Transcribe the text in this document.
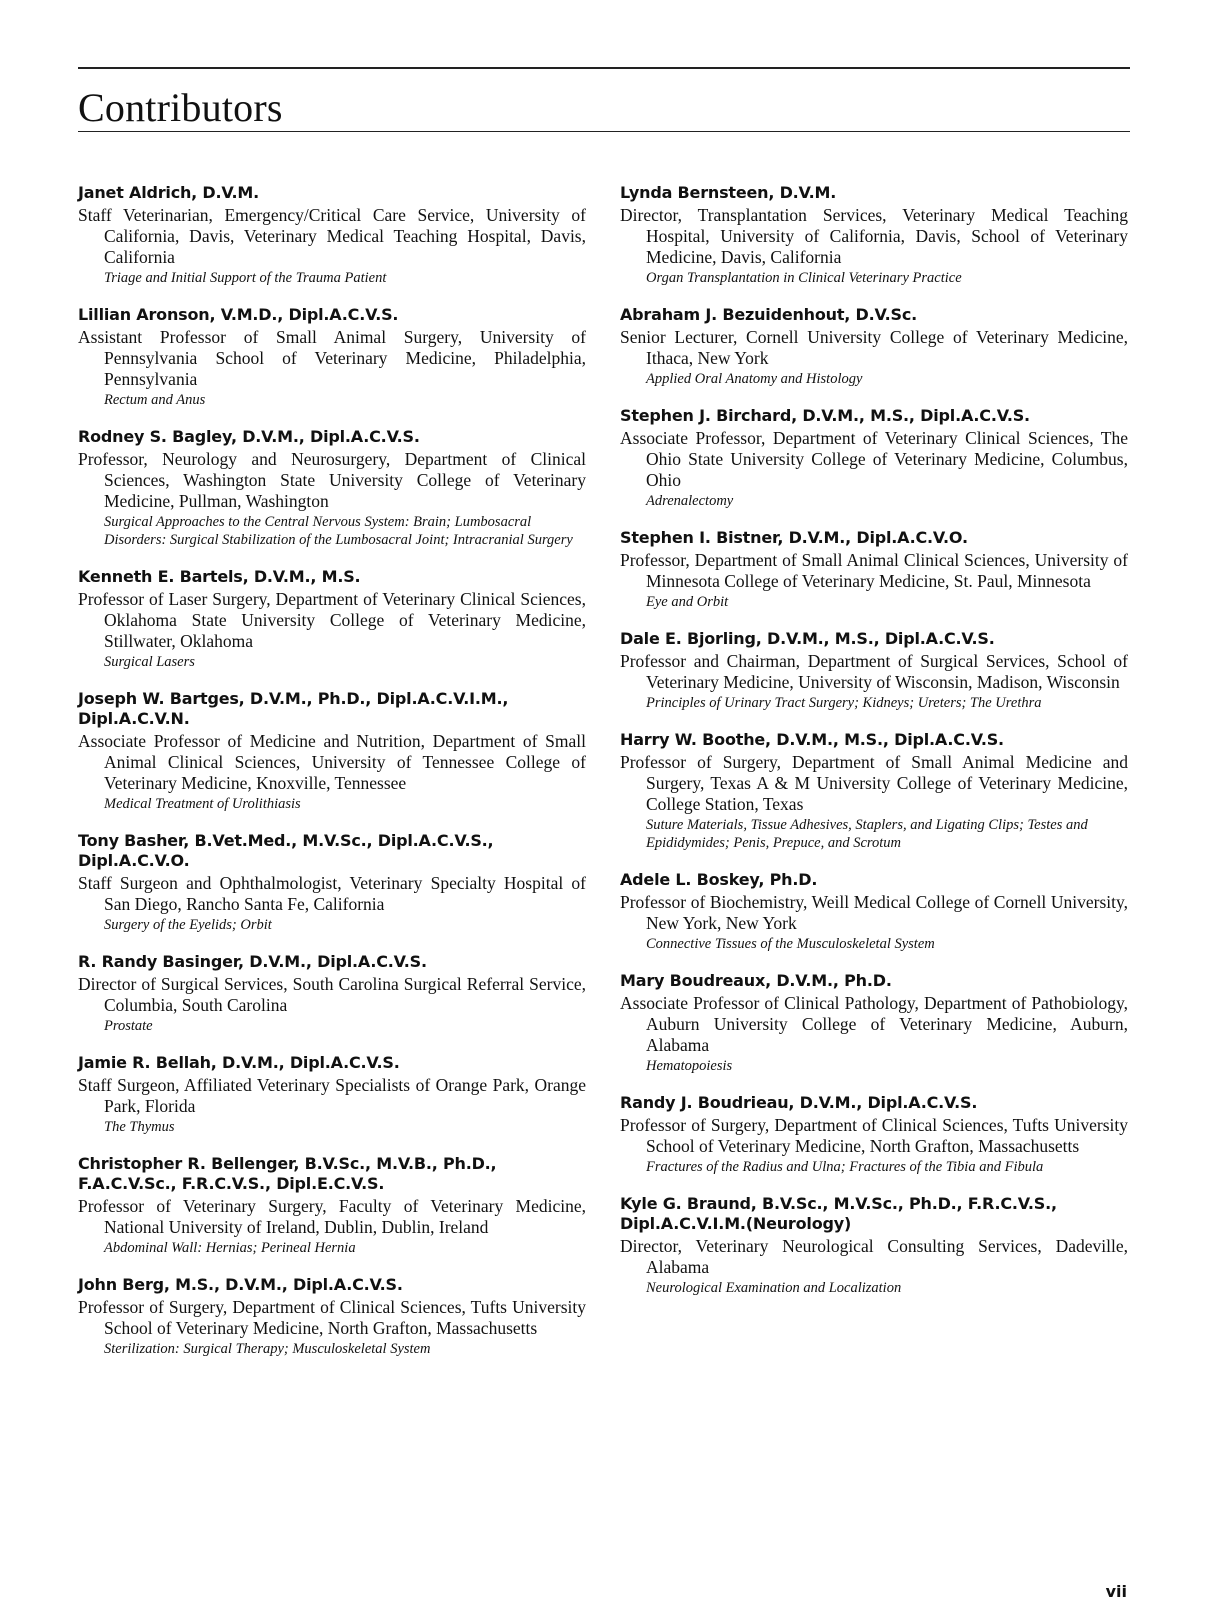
Contributors
Janet Aldrich, D.V.M.
Staff Veterinarian, Emergency/Critical Care Service, University of California, Davis, Veterinary Medical Teaching Hospital, Davis, California
Triage and Initial Support of the Trauma Patient
Lillian Aronson, V.M.D., Dipl.A.C.V.S.
Assistant Professor of Small Animal Surgery, University of Pennsylvania School of Veterinary Medicine, Philadelphia, Pennsylvania
Rectum and Anus
Rodney S. Bagley, D.V.M., Dipl.A.C.V.S.
Professor, Neurology and Neurosurgery, Department of Clinical Sciences, Washington State University College of Veterinary Medicine, Pullman, Washington
Surgical Approaches to the Central Nervous System: Brain; Lumbosacral Disorders: Surgical Stabilization of the Lumbosacral Joint; Intracranial Surgery
Kenneth E. Bartels, D.V.M., M.S.
Professor of Laser Surgery, Department of Veterinary Clinical Sciences, Oklahoma State University College of Veterinary Medicine, Stillwater, Oklahoma
Surgical Lasers
Joseph W. Bartges, D.V.M., Ph.D., Dipl.A.C.V.I.M., Dipl.A.C.V.N.
Associate Professor of Medicine and Nutrition, Department of Small Animal Clinical Sciences, University of Tennessee College of Veterinary Medicine, Knoxville, Tennessee
Medical Treatment of Urolithiasis
Tony Basher, B.Vet.Med., M.V.Sc., Dipl.A.C.V.S., Dipl.A.C.V.O.
Staff Surgeon and Ophthalmologist, Veterinary Specialty Hospital of San Diego, Rancho Santa Fe, California
Surgery of the Eyelids; Orbit
R. Randy Basinger, D.V.M., Dipl.A.C.V.S.
Director of Surgical Services, South Carolina Surgical Referral Service, Columbia, South Carolina
Prostate
Jamie R. Bellah, D.V.M., Dipl.A.C.V.S.
Staff Surgeon, Affiliated Veterinary Specialists of Orange Park, Orange Park, Florida
The Thymus
Christopher R. Bellenger, B.V.Sc., M.V.B., Ph.D., F.A.C.V.Sc., F.R.C.V.S., Dipl.E.C.V.S.
Professor of Veterinary Surgery, Faculty of Veterinary Medicine, National University of Ireland, Dublin, Dublin, Ireland
Abdominal Wall: Hernias; Perineal Hernia
John Berg, M.S., D.V.M., Dipl.A.C.V.S.
Professor of Surgery, Department of Clinical Sciences, Tufts University School of Veterinary Medicine, North Grafton, Massachusetts
Sterilization: Surgical Therapy; Musculoskeletal System
Lynda Bernsteen, D.V.M.
Director, Transplantation Services, Veterinary Medical Teaching Hospital, University of California, Davis, School of Veterinary Medicine, Davis, California
Organ Transplantation in Clinical Veterinary Practice
Abraham J. Bezuidenhout, D.V.Sc.
Senior Lecturer, Cornell University College of Veterinary Medicine, Ithaca, New York
Applied Oral Anatomy and Histology
Stephen J. Birchard, D.V.M., M.S., Dipl.A.C.V.S.
Associate Professor, Department of Veterinary Clinical Sciences, The Ohio State University College of Veterinary Medicine, Columbus, Ohio
Adrenalectomy
Stephen I. Bistner, D.V.M., Dipl.A.C.V.O.
Professor, Department of Small Animal Clinical Sciences, University of Minnesota College of Veterinary Medicine, St. Paul, Minnesota
Eye and Orbit
Dale E. Bjorling, D.V.M., M.S., Dipl.A.C.V.S.
Professor and Chairman, Department of Surgical Services, School of Veterinary Medicine, University of Wisconsin, Madison, Wisconsin
Principles of Urinary Tract Surgery; Kidneys; Ureters; The Urethra
Harry W. Boothe, D.V.M., M.S., Dipl.A.C.V.S.
Professor of Surgery, Department of Small Animal Medicine and Surgery, Texas A & M University College of Veterinary Medicine, College Station, Texas
Suture Materials, Tissue Adhesives, Staplers, and Ligating Clips; Testes and Epididymides; Penis, Prepuce, and Scrotum
Adele L. Boskey, Ph.D.
Professor of Biochemistry, Weill Medical College of Cornell University, New York, New York
Connective Tissues of the Musculoskeletal System
Mary Boudreaux, D.V.M., Ph.D.
Associate Professor of Clinical Pathology, Department of Pathobiology, Auburn University College of Veterinary Medicine, Auburn, Alabama
Hematopoiesis
Randy J. Boudrieau, D.V.M., Dipl.A.C.V.S.
Professor of Surgery, Department of Clinical Sciences, Tufts University School of Veterinary Medicine, North Grafton, Massachusetts
Fractures of the Radius and Ulna; Fractures of the Tibia and Fibula
Kyle G. Braund, B.V.Sc., M.V.Sc., Ph.D., F.R.C.V.S., Dipl.A.C.V.I.M.(Neurology)
Director, Veterinary Neurological Consulting Services, Dadeville, Alabama
Neurological Examination and Localization
vii
